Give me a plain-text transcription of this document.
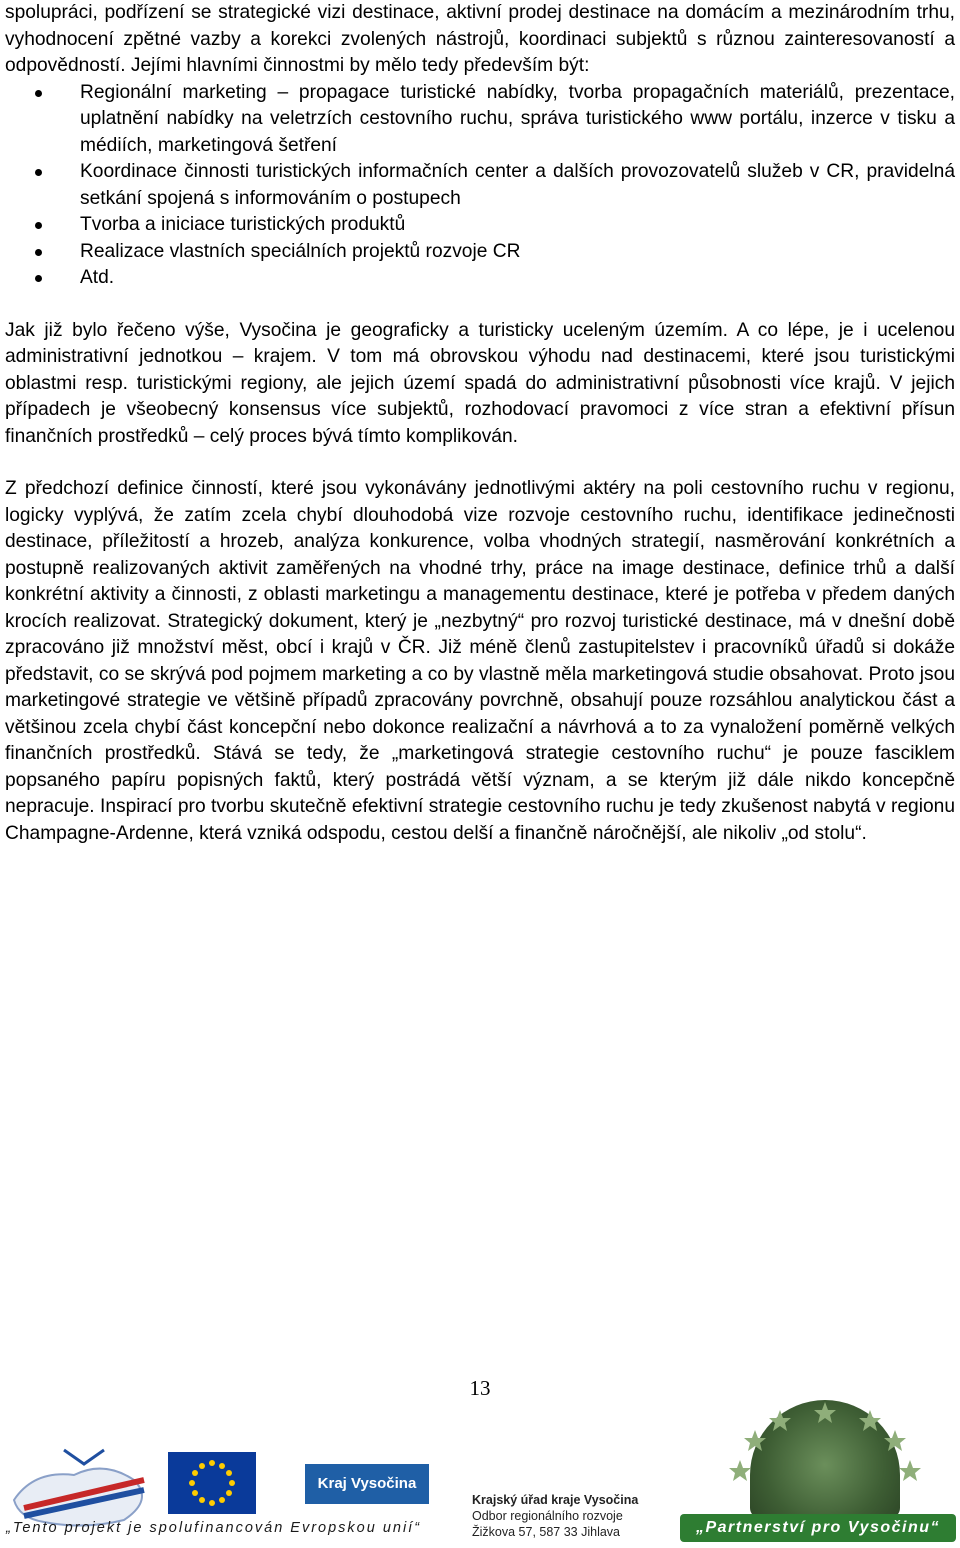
spolupráci, podřízení se strategické vizi destinace, aktivní prodej destinace na domácím a mezinárodním trhu, vyhodnocení zpětné vazby a korekci zvolených nástrojů, koordinaci subjektů s různou zainteresovaností a odpovědností. Jejími hlavními činnostmi by mělo tedy především být:

Regionální marketing – propagace turistické nabídky, tvorba propagačních materiálů, prezentace, uplatnění nabídky na veletrzích cestovního ruchu, správa turistického www portálu, inzerce v tisku a médiích, marketingová šetření
Koordinace činnosti turistických informačních center a dalších provozovatelů služeb v CR, pravidelná setkání spojená s informováním o postupech
Tvorba a iniciace turistických produktů
Realizace vlastních speciálních projektů rozvoje CR
Atd.

Jak již bylo řečeno výše, Vysočina je geograficky a turisticky uceleným územím. A co lépe, je i ucelenou administrativní jednotkou – krajem. V tom má obrovskou výhodu nad destinacemi, které jsou turistickými oblastmi resp. turistickými regiony, ale jejich území spadá do administrativní působnosti více krajů. V jejich případech je všeobecný konsensus více subjektů, rozhodovací pravomoci z více stran a efektivní přísun finančních prostředků – celý proces bývá tímto komplikován.

Z předchozí definice činností, které jsou vykonávány jednotlivými aktéry na poli cestovního ruchu v regionu, logicky vyplývá, že zatím zcela chybí dlouhodobá vize rozvoje cestovního ruchu, identifikace jedinečnosti destinace, příležitostí a hrozeb, analýza konkurence, volba vhodných strategií, nasměrování konkrétních a postupně realizovaných aktivit zaměřených na vhodné trhy, práce na image destinace, definice trhů a další konkrétní aktivity a činnosti, z oblasti marketingu a managementu destinace, které je potřeba v předem daných krocích realizovat. Strategický dokument, který je „nezbytný“ pro rozvoj turistické destinace, má v dnešní době zpracováno již množství měst, obcí i krajů v ČR. Již méně členů zastupitelstev i pracovníků úřadů si dokáže představit, co se skrývá pod pojmem marketing a co by vlastně měla marketingová studie obsahovat. Proto jsou marketingové strategie ve většině případů zpracovány povrchně, obsahují pouze rozsáhlou analytickou část a většinou zcela chybí část koncepční nebo dokonce realizační a návrhová a to za vynaložení poměrně velkých finančních prostředků. Stává se tedy, že „marketingová strategie cestovního ruchu“ je pouze fasciklem popsaného papíru popisných faktů, který postrádá větší význam, a se kterým již dále nikdo koncepčně nepracuje. Inspirací pro tvorbu skutečně efektivní strategie cestovního ruchu je tedy zkušenost nabytá v regionu Champagne-Ardenne, která vzniká odspodu, cestou delší a finančně náročnější, ale nikoliv „od stolu“.

13
„Tento projekt je spolufinancován Evropskou unií“
Kraj Vysočina
Krajský úřad kraje Vysočina
Odbor regionálního rozvoje
Žižkova 57, 587 33 Jihlava	„Partnerství pro Vysočinu“
